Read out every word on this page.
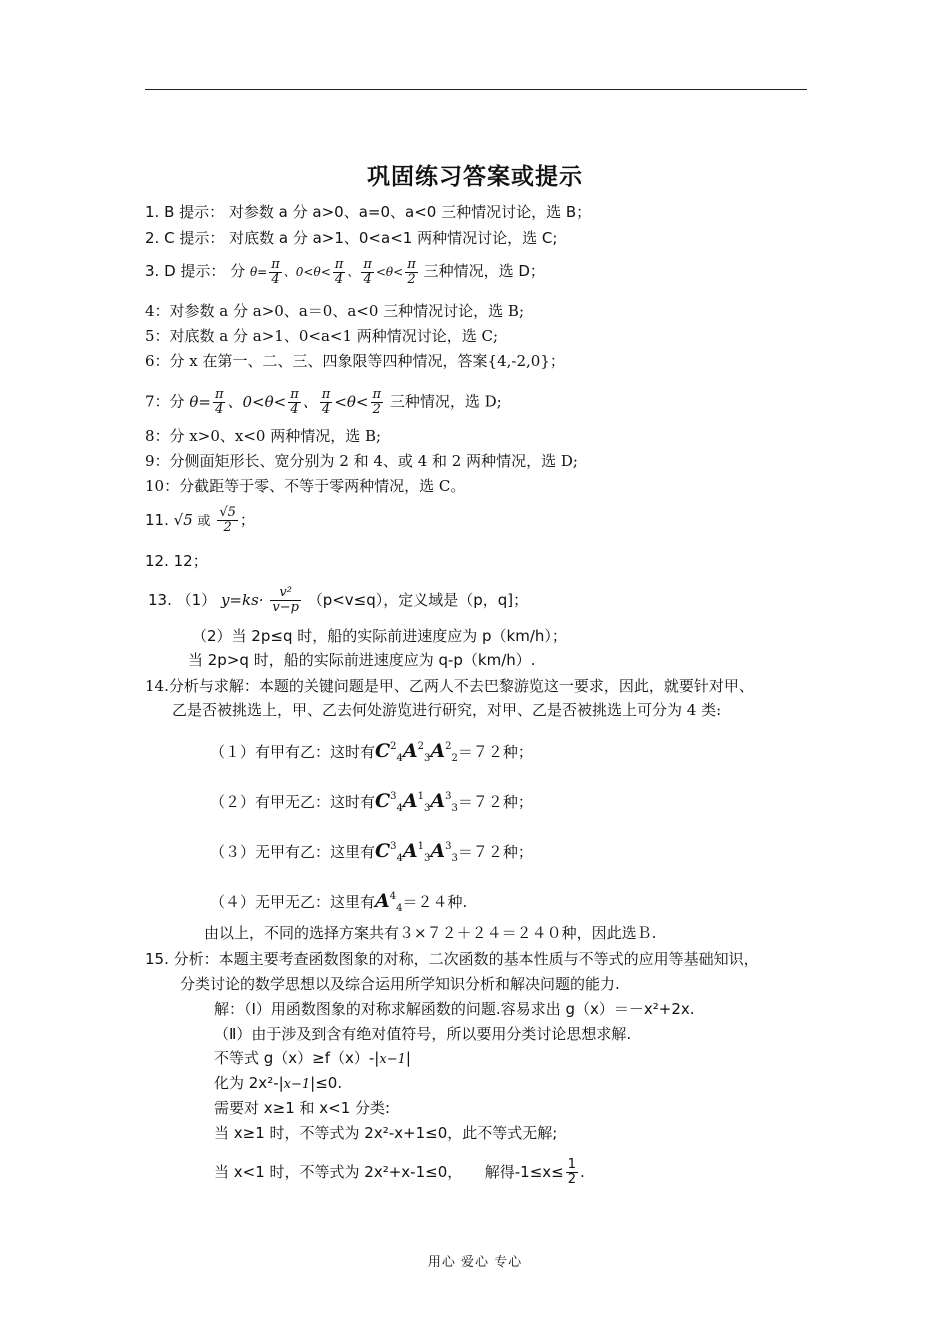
巩固练习答案或提示
1. B 提示： 对参数 a 分 a>0、a=0、a<0 三种情况讨论，选 B；
2. C 提示： 对底数 a 分 a>1、0<a<1 两种情况讨论，选 C;
3. D 提示： 分 $\theta= \frac{\pi}{4}$ 、$0<\theta< \frac{\pi}{4}$ 、 $\frac{\pi}{4} <\theta< \frac{\pi}{2}$ 三种情况，选 D；
4：对参数 a 分 a>0、a＝0、a<0 三种情况讨论，选 B;
5：对底数 a 分 a>1、0<a<1 两种情况讨论，选 C;
6：分 x 在第一、二、三、四象限等四种情况，答案{4,-2,0}；
7：分 $\theta= \frac{\pi}{4}$ 、$0<\theta< \frac{\pi}{4}$ 、 $\frac{\pi}{4} <\theta< \frac{\pi}{2}$ 三种情况，选 D;
8：分 x>0、x<0 两种情况，选 B;
9：分侧面矩形长、宽分别为 2 和 4、或 4 和 2 两种情况，选 D;
10：分截距等于零、不等于零两种情况，选 C。
11. √5 或 $\frac{√5}{2}$ ；
12. 12；
13. （1） $y=ks\cdot \frac{\text{v²}}{v-p} (p<v\le q)$，定义域是（p，q]；
（2）当 2p≤q 时，船的实际前进速度应为 p（km/h）；
当 2p>q 时，船的实际前进速度应为 q-p（km/h）.
14.分析与求解：本题的关键问题是甲、乙两人不去巴黎游览这一要求，因此，就要针对甲、
乙是否被挑选上，甲、乙去何处游览进行研究，对甲、乙是否被挑选上可分为 4 类:
（１）有甲有乙：这时有$C^2_4A^2_3A^2_2=72$种；
（２）有甲无乙：这时有$C^3_4A^1_3A^3_3=72$种；
（３）无甲有乙：这里有$C^3_4A^1_3A^3_3=72$种；
（４）无甲无乙：这里有$A^4_4=24$种.
由以上，不同的选择方案共有３×７２＋２４＝２４０种，因此选Ｂ.
15. 分析：本题主要考查函数图象的对称，二次函数的基本性质与不等式的应用等基础知识，
分类讨论的数学思想以及综合运用所学知识分析和解决问题的能力.
解：（Ⅰ）用函数图象的对称求解函数的问题.容易求出 g（x）＝－x²+2x.
（Ⅱ）由于涉及到含有绝对值符号，所以要用分类讨论思想求解.
不等式 g（x）≥f（x）-|x−1|
化为 2x²-|x−1|≤0.
需要对 x≥1 和 x<1 分类:
当 x≥1 时，不等式为 2x²-x+1≤0，此不等式无解;
当 x<1 时，不等式为 2x²+x-1≤0，　　解得$-1\le x\le \frac{1}{2}$ .
用心 爱心 专心
